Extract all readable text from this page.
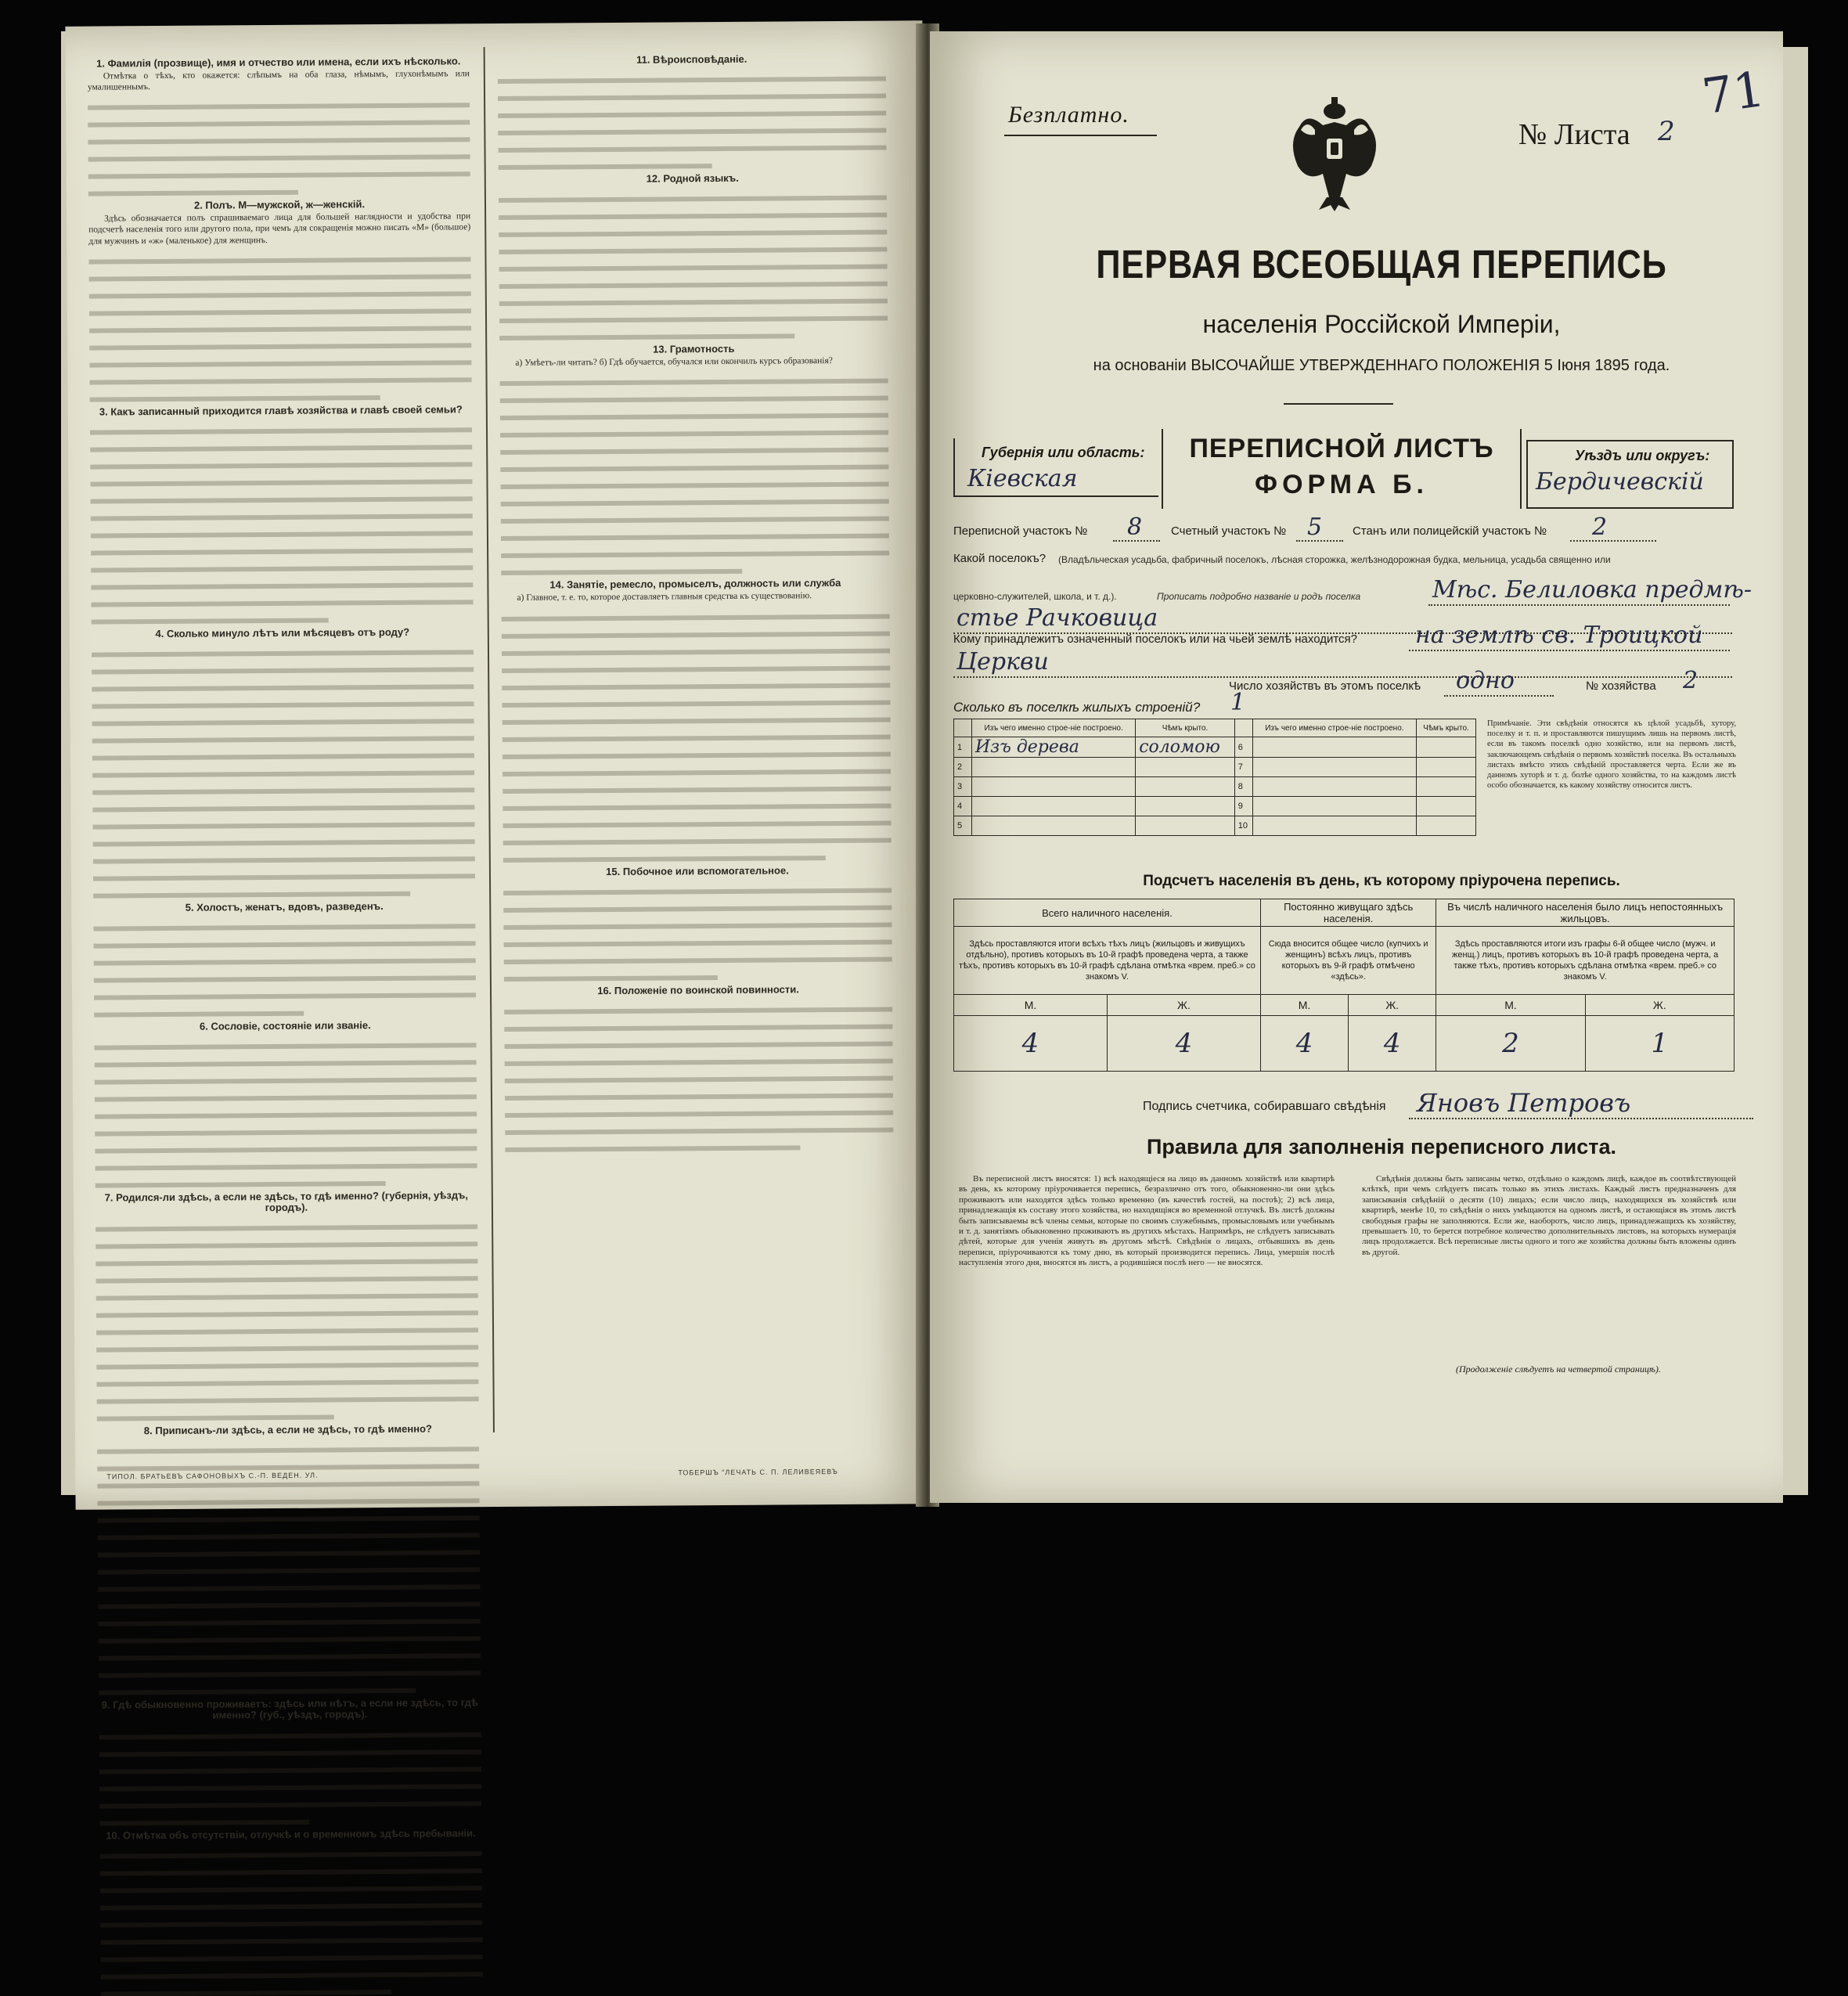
1. Фамилія (прозвище), имя и отчество или имена, если ихъ нѣсколько.

Отмѣтка о тѣхъ, кто окажется: слѣпымъ на оба глаза, нѣмымъ, глухонѣмымъ или умалишеннымъ.

2. Полъ. М—мужской, ж—женскій.

Здѣсь обозначается полъ спрашиваемаго лица для большей наглядности и удобства при подсчетѣ населенія того или другого пола, при чемъ для сокращенія можно писать «М» (большое) для мужчинъ и «ж» (маленькое) для женщинъ.

3. Какъ записанный приходится главѣ хозяйства и главѣ своей семьи?
4. Сколько минуло лѣтъ или мѣсяцевъ отъ роду?
5. Холостъ, женатъ, вдовъ, разведенъ.
6. Сословіе, состояніе или званіе.
7. Родился-ли здѣсь, а если не здѣсь, то гдѣ именно? (губернія, уѣздъ, городъ).
8. Приписанъ-ли здѣсь, а если не здѣсь, то гдѣ именно?
9. Гдѣ обыкновенно проживаетъ: здѣсь или нѣтъ, а если не здѣсь, то гдѣ именно? (губ., уѣздъ, городъ).
10. Отмѣтка объ отсутствіи, отлучкѣ и о временномъ здѣсь пребываніи.
11. Вѣроисповѣданіе.
12. Родной языкъ.
13. Грамотность

а) Умѣетъ-ли читать? б) Гдѣ обучается, обучался или окончилъ курсъ образованія?

14. Занятіе, ремесло, промыселъ, должность или служба

а) Главное, т. е. то, которое доставляетъ главныя средства къ существованію.

15. Побочное или вспомогательное.
16. Положеніе по воинской повинности.
ТИПОЛ. БРАТЬЕВЪ САФОНОВЫХЪ С.-П. ВЕДЕН. УЛ.	ТОБЕРШЪ "ЛЕЧАТЬ С. П. ЛЕЛИВЕЯЕВЪ
Безплатно.
№ Листа 2
71
ПЕРВАЯ ВСЕОБЩАЯ ПЕРЕПИСЬ
населенія Россійской Имперіи,
на основаніи ВЫСОЧАЙШЕ УТВЕРЖДЕННАГО ПОЛОЖЕНІЯ 5 Іюня 1895 года.
Губернія или область:
Кіевская
ПЕРЕПИСНОЙ ЛИСТЪ
ФОРМА Б.
Уѣздъ или округъ:
Бердичевскій
Переписной участокъ № 8 Счетный участокъ № 5	Станъ или полицейскій участокъ № 2
Какой поселокъ? (Владѣльческая усадьба, фабричный поселокъ, лѣсная сторожка, желѣзнодорожная будка, мельница, усадьба священно или
церковно-служителей, школа, и т. д.).	Прописать подробно названіе и родъ поселка	Мѣс. Белиловка предмѣ-
стье Рачковица
Кому принадлежитъ означенный поселокъ или на чьей землѣ находится? на землѣ св. Троицкой
Церкви
Число хозяйствъ въ этомъ поселкѣ одно	№ хозяйства 2
Сколько въ поселкѣ жилыхъ строеній? 1
	Изъ чего именно строе-ніе построено.	Чѣмъ крыто.		Изъ чего именно строе-ніе построено.	Чѣмъ крыто.
1	Изъ дерева	соломою	6		
2			7		
3			8		
4			9		
5			10		
Примѣчаніе. Эти свѣдѣнія относятся къ цѣлой усадьбѣ, хутору, поселку и т. п. и проставляются пишущимъ лишь на первомъ листѣ, если въ такомъ поселкѣ одно хозяйство, или на первомъ листѣ, заключающемъ свѣдѣнія о первомъ хозяйствѣ поселка. Въ остальныхъ листахъ вмѣсто этихъ свѣдѣній проставляется черта. Если же въ данномъ хуторѣ и т. д. болѣе одного хозяйства, то на каждомъ листѣ особо обозначается, къ какому хозяйству относится листъ.
Подсчетъ населенія въ день, къ которому пріурочена перепись.
Всего наличного населенія.		Постоянно живущаго здѣсь населенія.		Въ числѣ наличного населенія было лицъ непостоянныхъ жильцовъ.	
Здѣсь проставляются итоги всѣхъ тѣхъ лицъ (жильцовъ и живущихъ отдѣльно), противъ которыхъ въ 10-й графѣ проведена черта, а также тѣхъ, противъ которыхъ въ 10-й графѣ сдѣлана отмѣтка «врем. преб.» со знакомъ V.		Сюда вносится общее число (купчихъ и женщинъ) всѣхъ лицъ, противъ которыхъ въ 9-й графѣ отмѣчено «здѣсь».		Здѣсь проставляются итоги изъ графы 6-й общее число (мужч. и женщ.) лицъ, противъ которыхъ въ 10-й графѣ проведена черта, а также тѣхъ, противъ которыхъ сдѣлана отмѣтка «врем. преб.» со знакомъ V.	
М.	Ж.	М.	Ж.	М.	Ж.
4	4	4	4	2	1
Подпись счетчика, собиравшаго свѣдѣнія Яновъ Петровъ
Правила для заполненія переписного листа.

Въ переписной листъ вносятся: 1) всѣ находящіеся на лицо въ данномъ хозяйствѣ или квартирѣ въ день, къ которому пріурочивается перепись, безразлично отъ того, обыкновенно-ли они здѣсь проживаютъ или находятся здѣсь только временно (въ качествѣ гостей, на постоѣ); 2) всѣ лица, принадлежащія къ составу этого хозяйства, но находящіяся во временной отлучкѣ. Въ листѣ должны быть записываемы всѣ члены семьи, которые по своимъ служебнымъ, промысловымъ или учебнымъ и т. д. занятіямъ обыкновенно проживаютъ въ другихъ мѣстахъ. Напримѣръ, не слѣдуетъ записывать дѣтей, которые для ученія живутъ въ другомъ мѣстѣ. Свѣдѣнія о лицахъ, отбывшихъ въ день переписи, пріурочиваются къ тому дню, въ который производится перепись. Лица, умершія послѣ наступленія этого дня, вносятся въ листъ, а родившіяся послѣ него — не вносятся.

Свѣдѣнія должны быть записаны четко, отдѣльно о каждомъ лицѣ, каждое въ соотвѣтствующей клѣткѣ, при чемъ слѣдуетъ писать только въ этихъ листахъ. Каждый листъ предназначенъ для записыванія свѣдѣній о десяти (10) лицахъ; если число лицъ, находящихся въ хозяйствѣ или квартирѣ, менѣе 10, то свѣдѣнія о нихъ умѣщаются на одномъ листѣ, и остающіяся въ этомъ листѣ свободныя графы не заполняются. Если же, наоборотъ, число лицъ, принадлежащихъ къ хозяйству, превышаетъ 10, то берется потребное количество дополнительныхъ листовъ, на которыхъ нумерація лицъ продолжается. Всѣ переписные листы одного и того же хозяйства должны быть вложены одинъ въ другой.

(Продолженіе слѣдуетъ на четвертой страницѣ).
